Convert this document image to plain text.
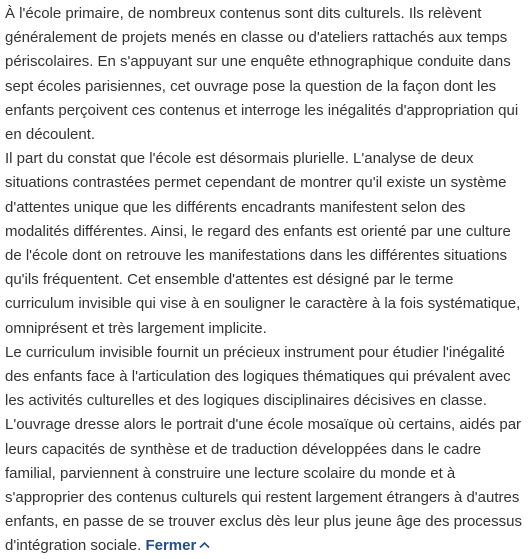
À l'école primaire, de nombreux contenus sont dits culturels. Ils relèvent généralement de projets menés en classe ou d'ateliers rattachés aux temps périscolaires. En s'appuyant sur une enquête ethnographique conduite dans sept écoles parisiennes, cet ouvrage pose la question de la façon dont les enfants perçoivent ces contenus et interroge les inégalités d'appropriation qui en découlent.

Il part du constat que l'école est désormais plurielle. L'analyse de deux situations contrastées permet cependant de montrer qu'il existe un système d'attentes unique que les différents encadrants manifestent selon des modalités différentes. Ainsi, le regard des enfants est orienté par une culture de l'école dont on retrouve les manifestations dans les différentes situations qu'ils fréquentent. Cet ensemble d'attentes est désigné par le terme curriculum invisible qui vise à en souligner le caractère à la fois systématique, omniprésent et très largement implicite.

Le curriculum invisible fournit un précieux instrument pour étudier l'inégalité des enfants face à l'articulation des logiques thématiques qui prévalent avec les activités culturelles et des logiques disciplinaires décisives en classe. L'ouvrage dresse alors le portrait d'une école mosaïque où certains, aidés par leurs capacités de synthèse et de traduction développées dans le cadre familial, parviennent à construire une lecture scolaire du monde et à s'approprier des contenus culturels qui restent largement étrangers à d'autres enfants, en passe de se trouver exclus dès leur plus jeune âge des processus d'intégration sociale. Fermer
